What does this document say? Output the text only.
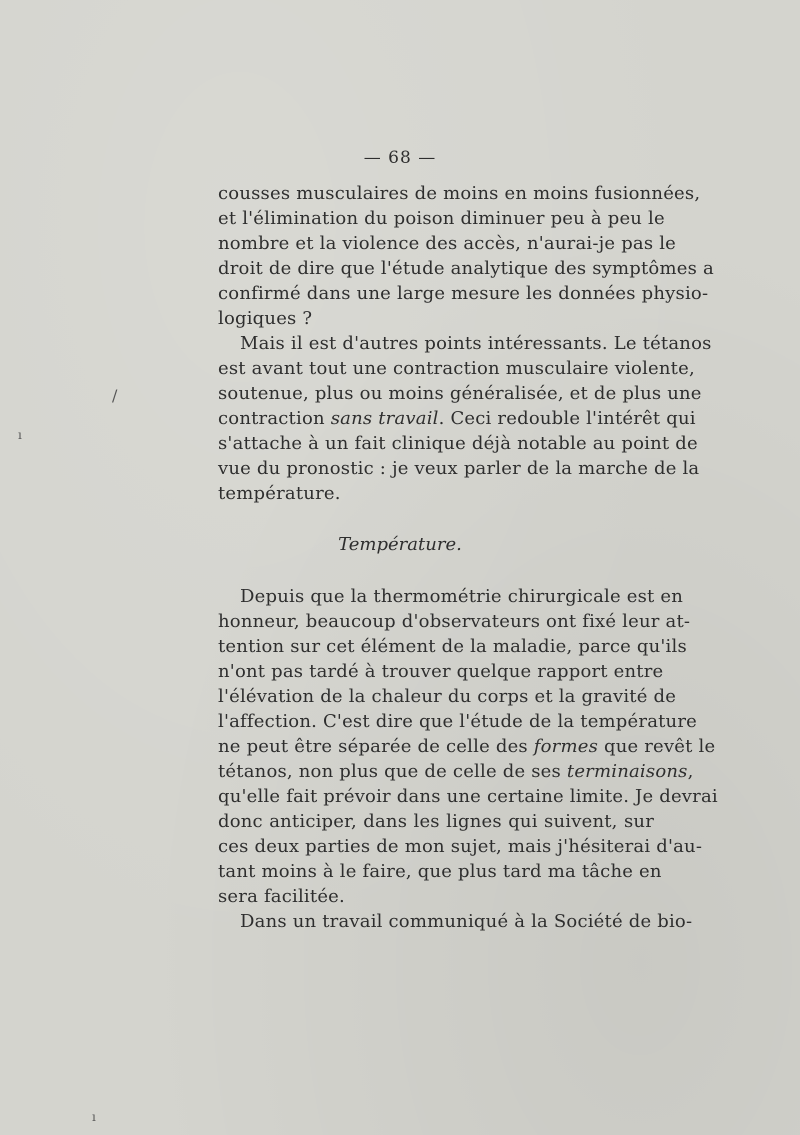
— 68 —
cousses musculaires de moins en moins fusionnées,
et l'élimination du poison diminuer peu à peu le
nombre et la violence des accès, n'aurai-je pas le
droit de dire que l'étude analytique des symptômes a
confirmé dans une large mesure les données physio-
logiques ?
Mais il est d'autres points intéressants. Le tétanos
est avant tout une contraction musculaire violente,
soutenue, plus ou moins généralisée, et de plus une
contraction sans travail. Ceci redouble l'intérêt qui
s'attache à un fait clinique déjà notable au point de
vue du pronostic : je veux parler de la marche de la
température.
Température.
Depuis que la thermométrie chirurgicale est en
honneur, beaucoup d'observateurs ont fixé leur at-
tention sur cet élément de la maladie, parce qu'ils
n'ont pas tardé à trouver quelque rapport entre
l'élévation de la chaleur du corps et la gravité de
l'affection. C'est dire que l'étude de la température
ne peut être séparée de celle des formes que revêt le
tétanos, non plus que de celle de ses terminaisons,
qu'elle fait prévoir dans une certaine limite. Je devrai
donc anticiper, dans les lignes qui suivent, sur
ces deux parties de mon sujet, mais j'hésiterai d'au-
tant moins à le faire, que plus tard ma tâche en
sera facilitée.
Dans un travail communiqué à la Société de bio-
/
ı
ı
